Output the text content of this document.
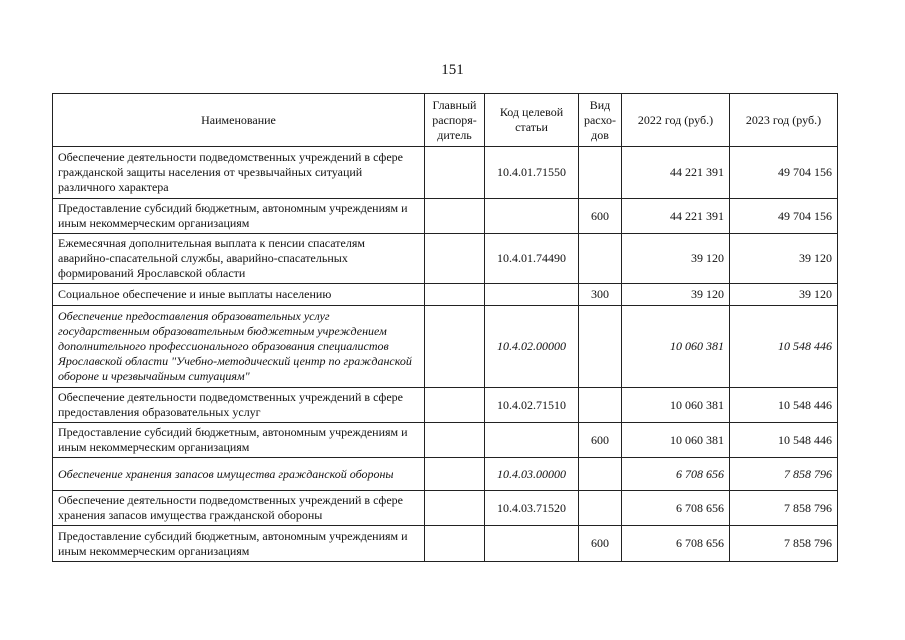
151
Наименование	Главный распоря-дитель	Код целевой статьи	Вид расхо-дов	2022 год (руб.)	2023 год (руб.)
Обеспечение деятельности подведомственных учреждений в сфере гражданской защиты населения от чрезвычайных ситуаций различного характера		10.4.01.71550		44 221 391	49 704 156
Предоставление субсидий бюджетным, автономным учреждениям и иным некоммерческим организациям			600	44 221 391	49 704 156
Ежемесячная дополнительная выплата к пенсии спасателям аварийно-спасательной службы, аварийно-спасательных формирований Ярославской области		10.4.01.74490		39 120	39 120
Социальное обеспечение и иные выплаты населению			300	39 120	39 120
Обеспечение предоставления образовательных услуг государственным образовательным бюджетным учреждением дополнительного профессионального образования специалистов Ярославской области "Учебно-методический центр по гражданской обороне и чрезвычайным ситуациям"		10.4.02.00000		10 060 381	10 548 446
Обеспечение деятельности подведомственных учреждений в сфере предоставления образовательных услуг		10.4.02.71510		10 060 381	10 548 446
Предоставление субсидий бюджетным, автономным учреждениям и иным некоммерческим организациям			600	10 060 381	10 548 446
Обеспечение хранения запасов имущества гражданской обороны		10.4.03.00000		6 708 656	7 858 796
Обеспечение деятельности подведомственных учреждений в сфере хранения запасов имущества гражданской обороны		10.4.03.71520		6 708 656	7 858 796
Предоставление субсидий бюджетным, автономным учреждениям и иным некоммерческим организациям			600	6 708 656	7 858 796
